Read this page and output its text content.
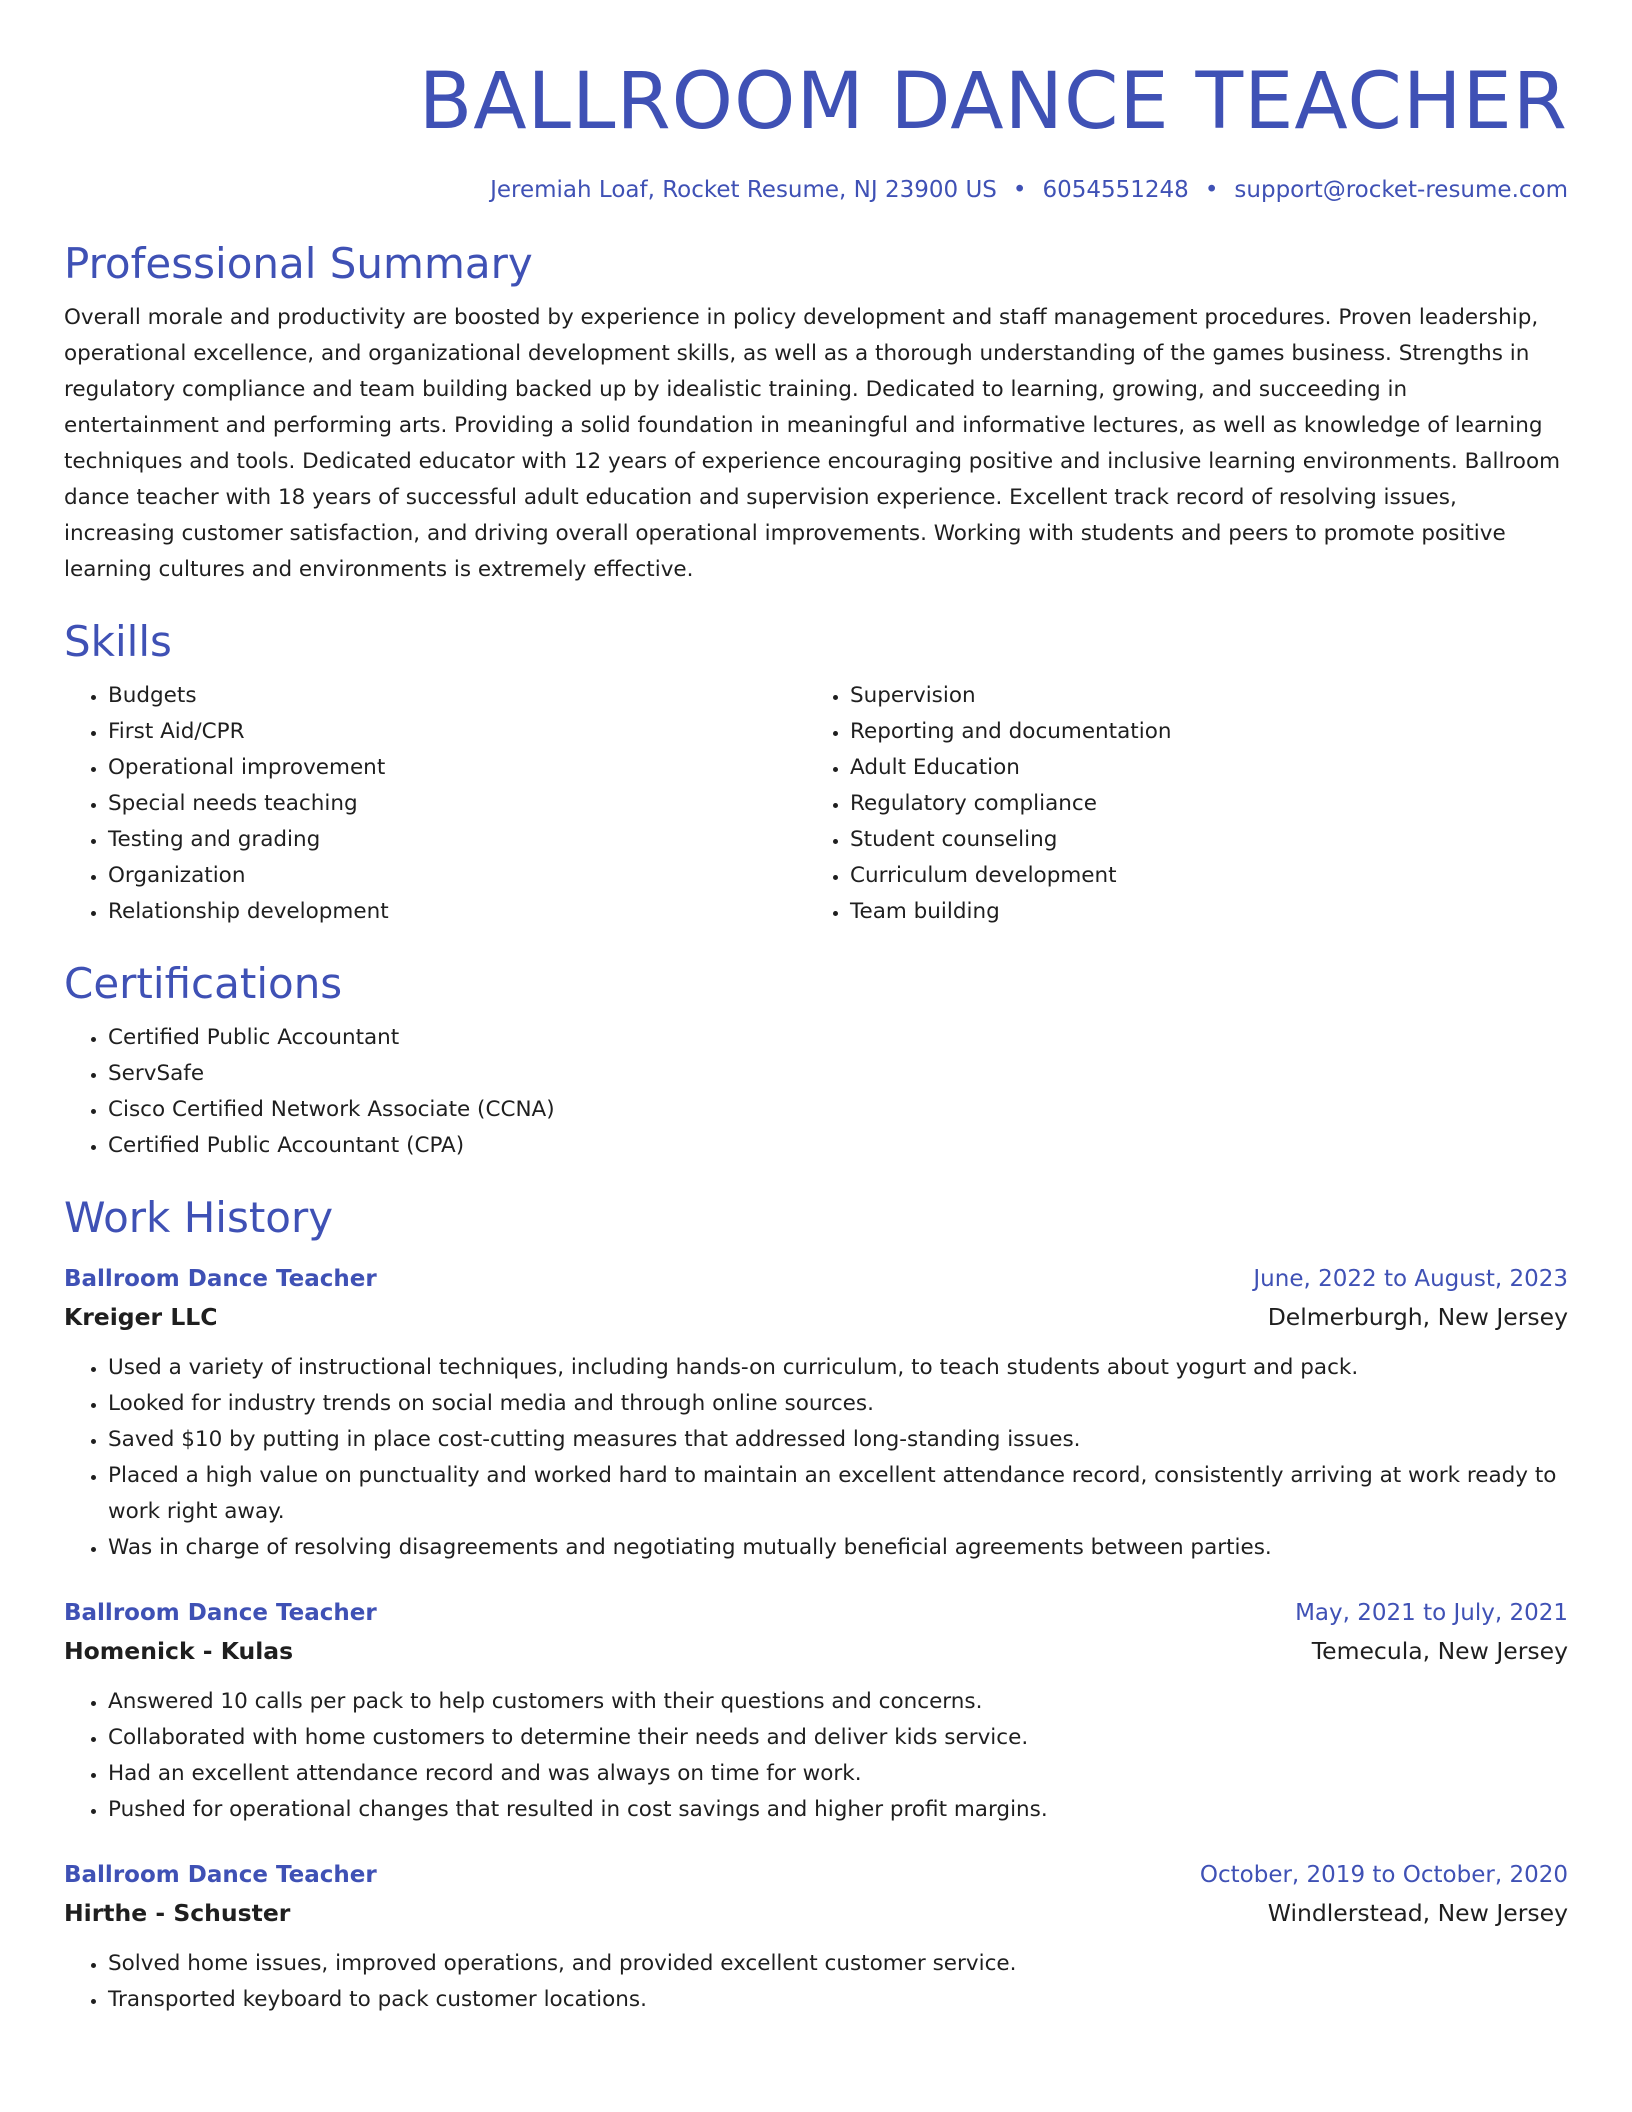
BALLROOM DANCE TEACHER
Jeremiah Loaf, Rocket Resume, NJ 23900 US • 6054551248 • support@rocket-resume.com
Professional Summary

Overall morale and productivity are boosted by experience in policy development and staff management procedures. Proven leadership, operational excellence, and organizational development skills, as well as a thorough understanding of the games business. Strengths in regulatory compliance and team building backed up by idealistic training. Dedicated to learning, growing, and succeeding in entertainment and performing arts. Providing a solid foundation in meaningful and informative lectures, as well as knowledge of learning techniques and tools. Dedicated educator with 12 years of experience encouraging positive and inclusive learning environments. Ballroom dance teacher with 18 years of successful adult education and supervision experience. Excellent track record of resolving issues, increasing customer satisfaction, and driving overall operational improvements. Working with students and peers to promote positive learning cultures and environments is extremely effective.

Skills
• Budgets
• First Aid/CPR
• Operational improvement
• Special needs teaching
• Testing and grading
• Organization
• Relationship development
• Supervision
• Reporting and documentation
• Adult Education
• Regulatory compliance
• Student counseling
• Curriculum development
• Team building
Certifications
• Certified Public Accountant
• ServSafe
• Cisco Certified Network Associate (CCNA)
• Certified Public Accountant (CPA)
Work History
Ballroom Dance Teacher	June, 2022 to August, 2023
Kreiger LLC	Delmerburgh, New Jersey
• Used a variety of instructional techniques, including hands-on curriculum, to teach students about yogurt and pack.
• Looked for industry trends on social media and through online sources.
• Saved $10 by putting in place cost-cutting measures that addressed long-standing issues.
• Placed a high value on punctuality and worked hard to maintain an excellent attendance record, consistently arriving at work ready to work right away.
• Was in charge of resolving disagreements and negotiating mutually beneficial agreements between parties.
Ballroom Dance Teacher	May, 2021 to July, 2021
Homenick - Kulas	Temecula, New Jersey
• Answered 10 calls per pack to help customers with their questions and concerns.
• Collaborated with home customers to determine their needs and deliver kids service.
• Had an excellent attendance record and was always on time for work.
• Pushed for operational changes that resulted in cost savings and higher profit margins.
Ballroom Dance Teacher	October, 2019 to October, 2020
Hirthe - Schuster	Windlerstead, New Jersey
• Solved home issues, improved operations, and provided excellent customer service.
• Transported keyboard to pack customer locations.
